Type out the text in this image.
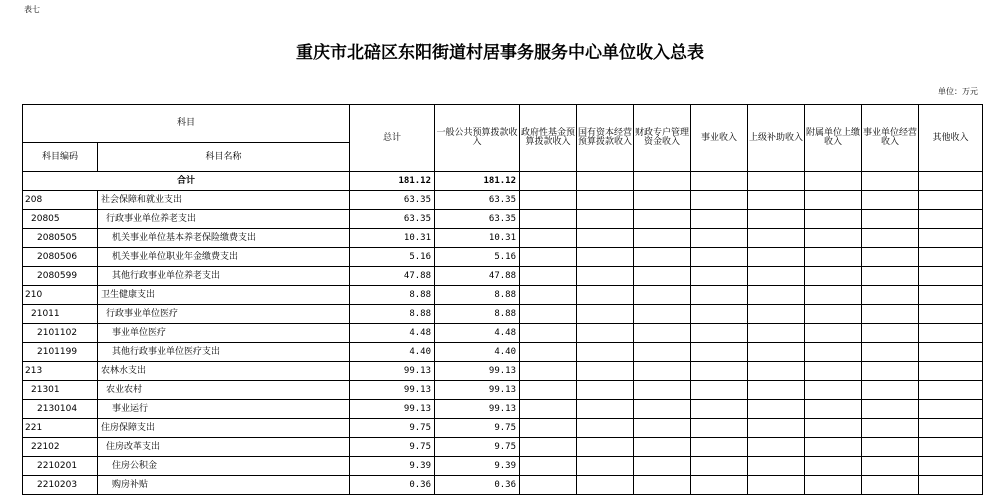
表七
重庆市北碚区东阳街道村居事务服务中心单位收入总表
单位：万元
科目		总计	一般公共预算拨款收入	政府性基金预算拨款收入	国有资本经营预算拨款收入	财政专户管理资金收入	事业收入	上级补助收入	附属单位上缴收入	事业单位经营收入	其他收入
科目编码	科目名称										
合计		181.12	181.12								
208	社会保障和就业支出	63.35	63.35								
20805	行政事业单位养老支出	63.35	63.35								
2080505	机关事业单位基本养老保险缴费支出	10.31	10.31								
2080506	机关事业单位职业年金缴费支出	5.16	5.16								
2080599	其他行政事业单位养老支出	47.88	47.88								
210	卫生健康支出	8.88	8.88								
21011	行政事业单位医疗	8.88	8.88								
2101102	事业单位医疗	4.48	4.48								
2101199	其他行政事业单位医疗支出	4.40	4.40								
213	农林水支出	99.13	99.13								
21301	农业农村	99.13	99.13								
2130104	事业运行	99.13	99.13								
221	住房保障支出	9.75	9.75								
22102	住房改革支出	9.75	9.75								
2210201	住房公积金	9.39	9.39								
2210203	购房补贴	0.36	0.36								
